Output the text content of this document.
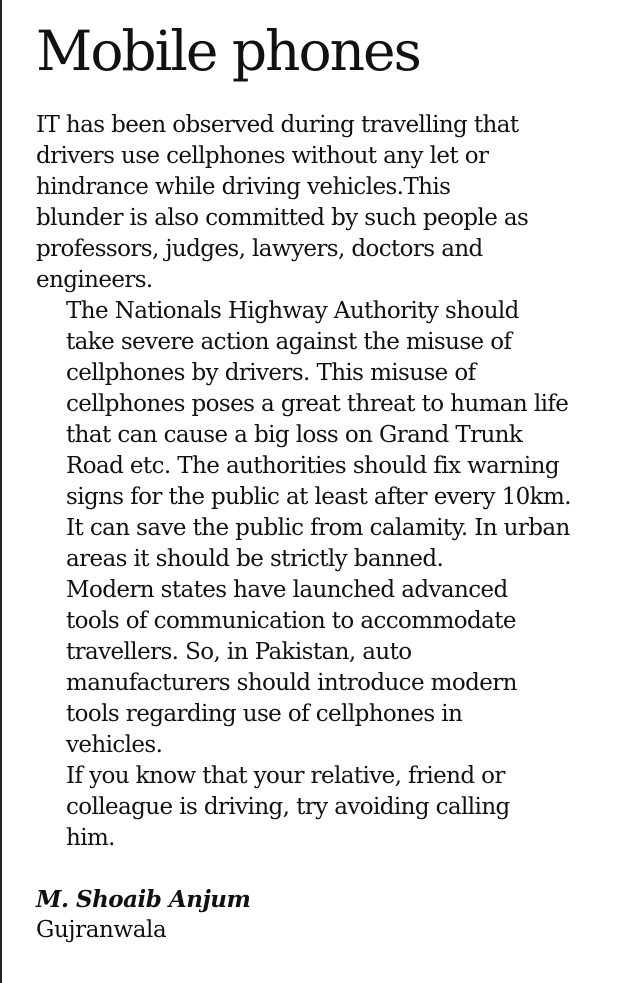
Mobile phones

IT has been observed during travelling that
drivers use cellphones without any let or
hindrance while driving vehicles.This
blunder is also committed by such people as
professors, judges, lawyers, doctors and
engineers.

The Nationals Highway Authority should
take severe action against the misuse of
cellphones by drivers. This misuse of
cellphones poses a great threat to human life
that can cause a big loss on Grand Trunk
Road etc. The authorities should fix warning
signs for the public at least after every 10km.
It can save the public from calamity. In urban
areas it should be strictly banned.

Modern states have launched advanced
tools of communication to accommodate
travellers. So, in Pakistan, auto
manufacturers should introduce modern
tools regarding use of cellphones in
vehicles.

If you know that your relative, friend or
colleague is driving, try avoiding calling
him.

M. Shoaib Anjum
Gujranwala
